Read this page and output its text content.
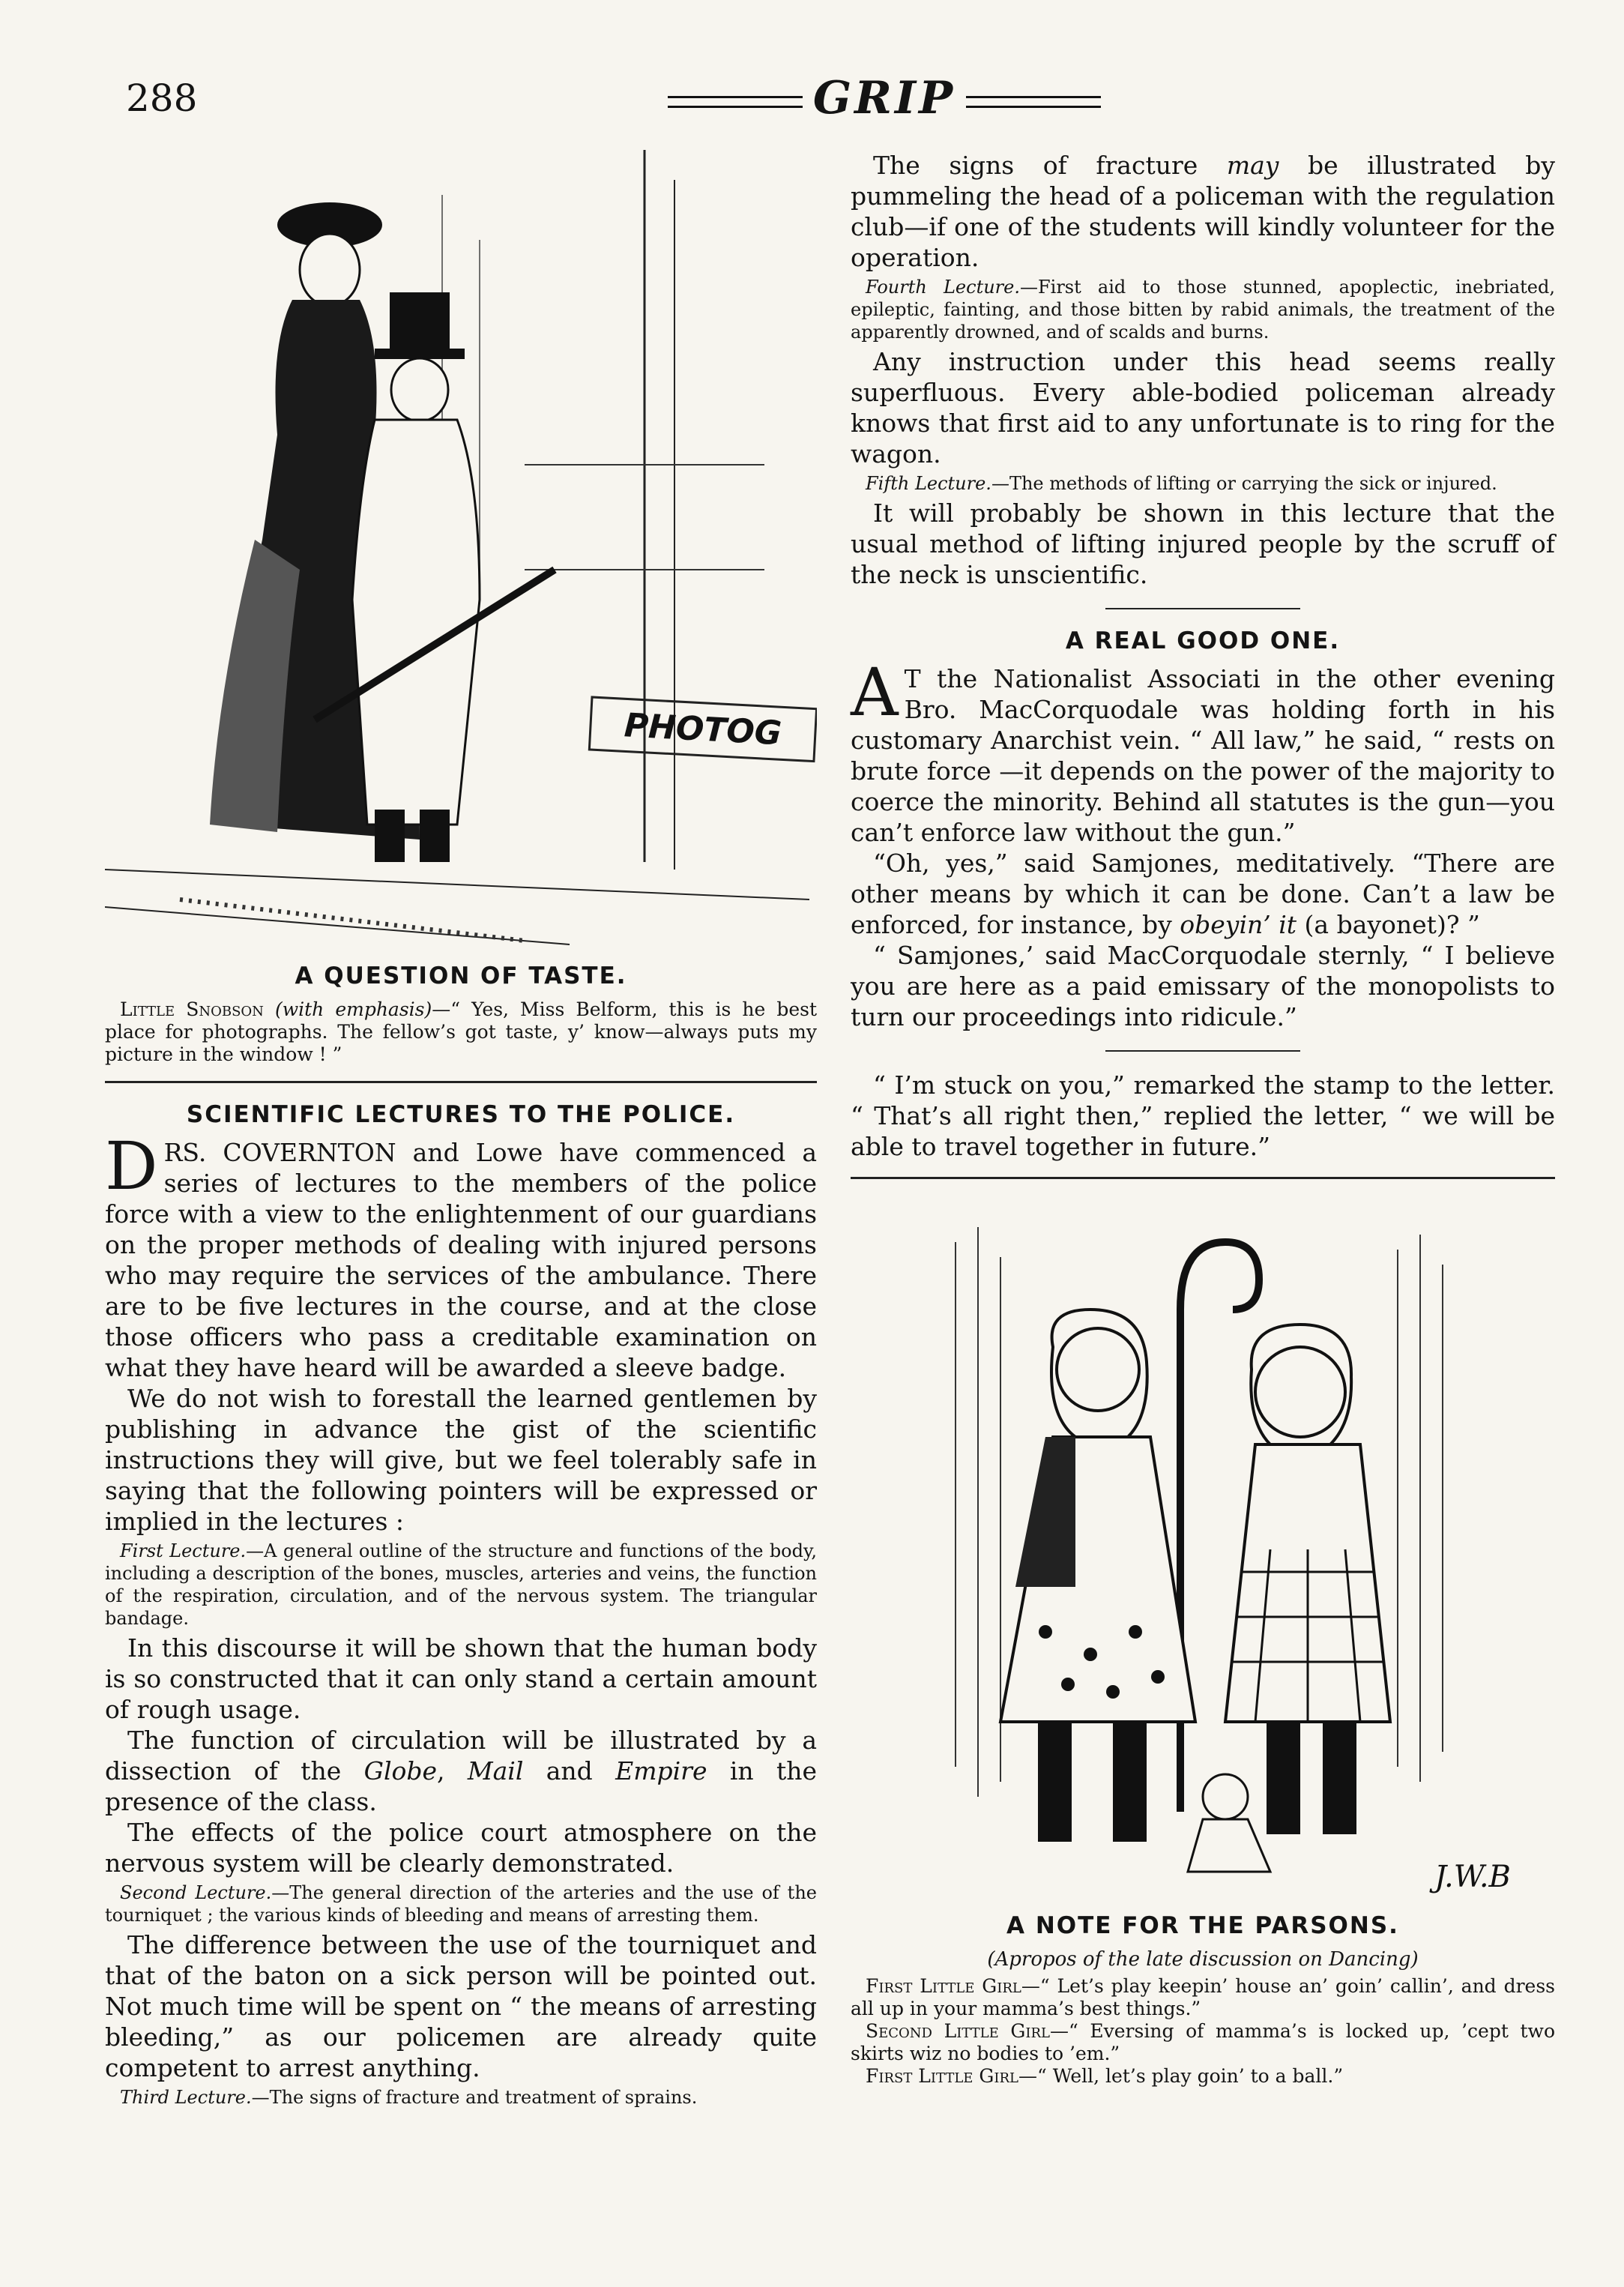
288	GRIP
PHOTOG
A QUESTION OF TASTE.
Little Snobson (with emphasis)—“ Yes, Miss Belform, this is he best place for photographs. The fellow’s got taste, y’ know—always puts my picture in the window ! ”
SCIENTIFIC LECTURES TO THE POLICE.

DRS. COVERNTON and Lowe have commenced a series of lectures to the members of the police force with a view to the enlightenment of our guardians on the proper methods of dealing with injured persons who may require the services of the ambulance. There are to be five lectures in the course, and at the close those officers who pass a creditable examination on what they have heard will be awarded a sleeve badge.

We do not wish to forestall the learned gentlemen by publishing in advance the gist of the scientific instructions they will give, but we feel tolerably safe in saying that the following pointers will be expressed or implied in the lectures :

First Lecture.—A general outline of the structure and functions of the body, including a description of the bones, muscles, arteries and veins, the function of the respiration, circulation, and of the nervous system. The triangular bandage.

In this discourse it will be shown that the human body is so constructed that it can only stand a certain amount of rough usage.

The function of circulation will be illustrated by a dissection of the Globe, Mail and Empire in the presence of the class.

The effects of the police court atmosphere on the nervous system will be clearly demonstrated.

Second Lecture.—The general direction of the arteries and the use of the tourniquet ; the various kinds of bleeding and means of arresting them.

The difference between the use of the tourniquet and that of the baton on a sick person will be pointed out. Not much time will be spent on “ the means of arresting bleeding,” as our policemen are already quite competent to arrest anything.

Third Lecture.—The signs of fracture and treatment of sprains.

The signs of fracture may be illustrated by pummeling the head of a policeman with the regulation club—if one of the students will kindly volunteer for the operation.

Fourth Lecture.—First aid to those stunned, apoplectic, inebriated, epileptic, fainting, and those bitten by rabid animals, the treatment of the apparently drowned, and of scalds and burns.

Any instruction under this head seems really superfluous. Every able-bodied policeman already knows that first aid to any unfortunate is to ring for the wagon.

Fifth Lecture.—The methods of lifting or carrying the sick or injured.

It will probably be shown in this lecture that the usual method of lifting injured people by the scruff of the neck is unscientific.

A REAL GOOD ONE.

A T the Nationalist Associati in the other evening Bro. MacCorquodale was holding forth in his customary Anarchist vein. “ All law,” he said, “ rests on brute force —it depends on the power of the majority to coerce the minority. Behind all statutes is the gun—you can’t enforce law without the gun.”

“Oh, yes,” said Samjones, meditatively. “There are other means by which it can be done. Can’t a law be enforced, for instance, by obeyin’ it (a bayonet)? ”

“ Samjones,’ said MacCorquodale sternly, “ I believe you are here as a paid emissary of the monopolists to turn our proceedings into ridicule.”

“ I’m stuck on you,” remarked the stamp to the letter. “ That’s all right then,” replied the letter, “ we will be able to travel together in future.”

J.W.B
A NOTE FOR THE PARSONS.
(Apropos of the late discussion on Dancing)
First Little Girl—“ Let’s play keepin’ house an’ goin’ callin’, and dress all up in your mamma’s best things.”
Second Little Girl—“ Eversing of mamma’s is locked up, ’cept two skirts wiz no bodies to ’em.”
First Little Girl—“ Well, let’s play goin’ to a ball.”
